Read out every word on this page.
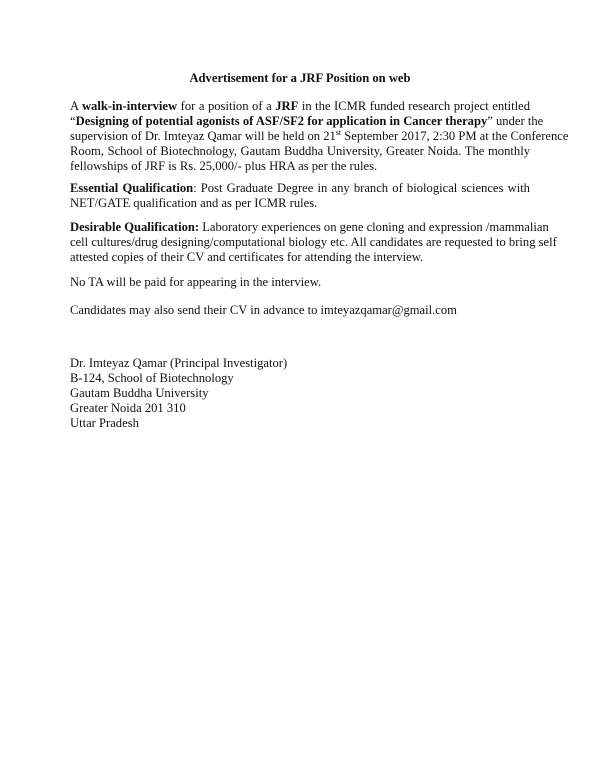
Advertisement for a JRF Position on web
A walk-in-interview for a position of a JRF in the ICMR funded research project entitled
“Designing of potential agonists of ASF/SF2 for application in Cancer therapy” under the
supervision of Dr. Imteyaz Qamar will be held on 21st September 2017, 2:30 PM at the Conference
Room, School of Biotechnology, Gautam Buddha University, Greater Noida. The monthly
fellowships of JRF is Rs. 25,000/- plus HRA as per the rules.
Essential Qualification: Post Graduate Degree in any branch of biological sciences with
NET/GATE qualification and as per ICMR rules.
Desirable Qualification: Laboratory experiences on gene cloning and expression /mammalian
cell cultures/drug designing/computational biology etc. All candidates are requested to bring self
attested copies of their CV and certificates for attending the interview.

No TA will be paid for appearing in the interview.

Candidates may also send their CV in advance to imteyazqamar@gmail.com

Dr. Imteyaz Qamar (Principal Investigator)
B-124, School of Biotechnology
Gautam Buddha University
Greater Noida 201 310
Uttar Pradesh
